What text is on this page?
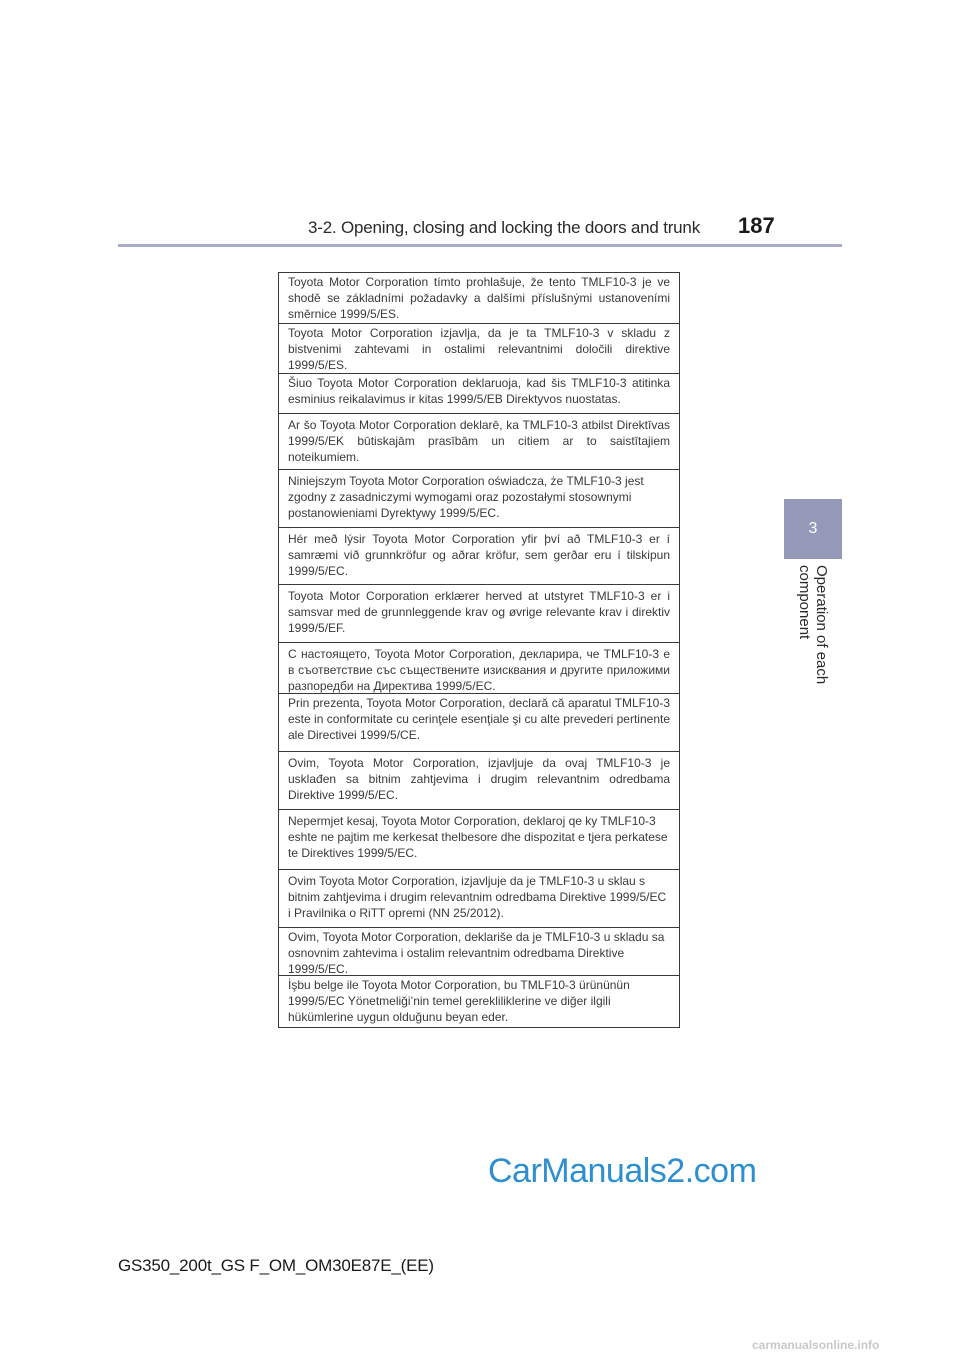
3-2. Opening, closing and locking the doors and trunk 187
3
Operation of each component

Toyota Motor Corporation tímto prohlašuje, že tento TMLF10-3 je ve shodě se základními požadavky a dalšími příslušnými ustanoveními směrnice 1999/5/ES.

Toyota Motor Corporation izjavlja, da je ta TMLF10-3 v skladu z bistvenimi zahtevami in ostalimi relevantnimi določili direktive 1999/5/ES.

Šiuo Toyota Motor Corporation deklaruoja, kad šis TMLF10-3 atitinka esminius reikalavimus ir kitas 1999/5/EB Direktyvos nuostatas.

Ar šo Toyota Motor Corporation deklarē, ka TMLF10-3 atbilst Direktīvas 1999/5/EK būtiskajām prasībām un citiem ar to saistītajiem noteikumiem.

Niniejszym Toyota Motor Corporation oświadcza, że TMLF10-3 jest zgodny z zasadniczymi wymogami oraz pozostałymi stosownymi postanowieniami Dyrektywy 1999/5/EC.

Hér með lýsir Toyota Motor Corporation yfir því að TMLF10-3 er í samræmi við grunnkröfur og aðrar kröfur, sem gerðar eru í tilskipun 1999/5/EC.

Toyota Motor Corporation erklærer herved at utstyret TMLF10-3 er i samsvar med de grunnleggende krav og øvrige relevante krav i direktiv 1999/5/EF.

С настоящето, Toyota Motor Corporation, декларира, че TMLF10-3 е в съответствие със съществените изисквания и другите приложими разпоредби на Директива 1999/5/EC.

Prin prezenta, Toyota Motor Corporation, declară că aparatul TMLF10-3 este in conformitate cu cerinţele esenţiale şi cu alte prevederi pertinente ale Directivei 1999/5/CE.

Ovim, Toyota Motor Corporation, izjavljuje da ovaj TMLF10-3 je usklađen sa bitnim zahtjevima i drugim relevantnim odredbama Direktive 1999/5/EC.

Nepermjet kesaj, Toyota Motor Corporation, deklaroj qe ky TMLF10-3 eshte ne pajtim me kerkesat thelbesore dhe dispozitat e tjera perkatese te Direktives 1999/5/EC.

Ovim Toyota Motor Corporation, izjavljuje da je TMLF10-3 u sklau s bitnim zahtjevima i drugim relevantnim odredbama Direktive 1999/5/EC i Pravilnika o RiTT opremi (NN 25/2012).

Ovim, Toyota Motor Corporation, deklariše da je TMLF10-3 u skladu sa osnovnim zahtevima i ostalim relevantnim odredbama Direktive 1999/5/EC.

İşbu belge ile Toyota Motor Corporation, bu TMLF10-3 ürününün 1999/5/EC Yönetmeliği’nin temel gerekliliklerine ve diğer ilgili hükümlerine uygun olduğunu beyan eder.

CarManuals2.com
GS350_200t_GS F_OM_OM30E87E_(EE)
carmanualsonline.info
